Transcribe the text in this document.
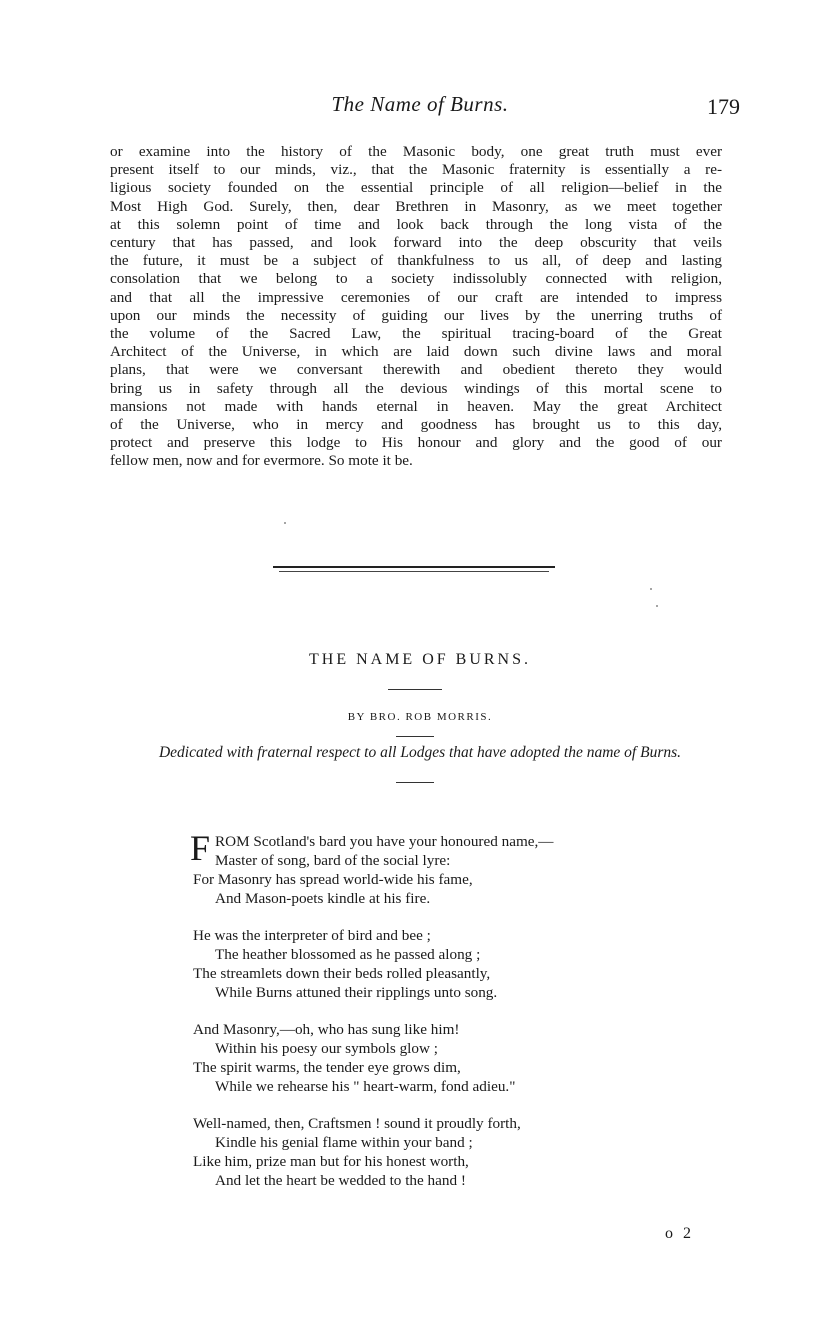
The Name of Burns.	179
or examine into the history of the Masonic body, one great truth must ever
present itself to our minds, viz., that the Masonic fraternity is essentially a re-
ligious society founded on the essential principle of all religion—belief in the
Most High God. Surely, then, dear Brethren in Masonry, as we meet together
at this solemn point of time and look back through the long vista of the
century that has passed, and look forward into the deep obscurity that veils
the future, it must be a subject of thankfulness to us all, of deep and lasting
consolation that we belong to a society indissolubly connected with religion,
and that all the impressive ceremonies of our craft are intended to impress
upon our minds the necessity of guiding our lives by the unerring truths of
the volume of the Sacred Law, the spiritual tracing-board of the Great
Architect of the Universe, in which are laid down such divine laws and moral
plans, that were we conversant therewith and obedient thereto they would
bring us in safety through all the devious windings of this mortal scene to
mansions not made with hands eternal in heaven. May the great Architect
of the Universe, who in mercy and goodness has brought us to this day,
protect and preserve this lodge to His honour and glory and the good of our
fellow men, now and for evermore. So mote it be.
THE NAME OF BURNS.
BY BRO. ROB MORRIS.
Dedicated with fraternal respect to all Lodges that have adopted the name of Burns.
F ROM Scotland's bard you have your honoured name,—
Master of song, bard of the social lyre:
For Masonry has spread world-wide his fame,
And Mason-poets kindle at his fire.
He was the interpreter of bird and bee ;
The heather blossomed as he passed along ;
The streamlets down their beds rolled pleasantly,
While Burns attuned their ripplings unto song.
And Masonry,—oh, who has sung like him!
Within his poesy our symbols glow ;
The spirit warms, the tender eye grows dim,
While we rehearse his " heart-warm, fond adieu."
Well-named, then, Craftsmen ! sound it proudly forth,
Kindle his genial flame within your band ;
Like him, prize man but for his honest worth,
And let the heart be wedded to the hand !
o 2
